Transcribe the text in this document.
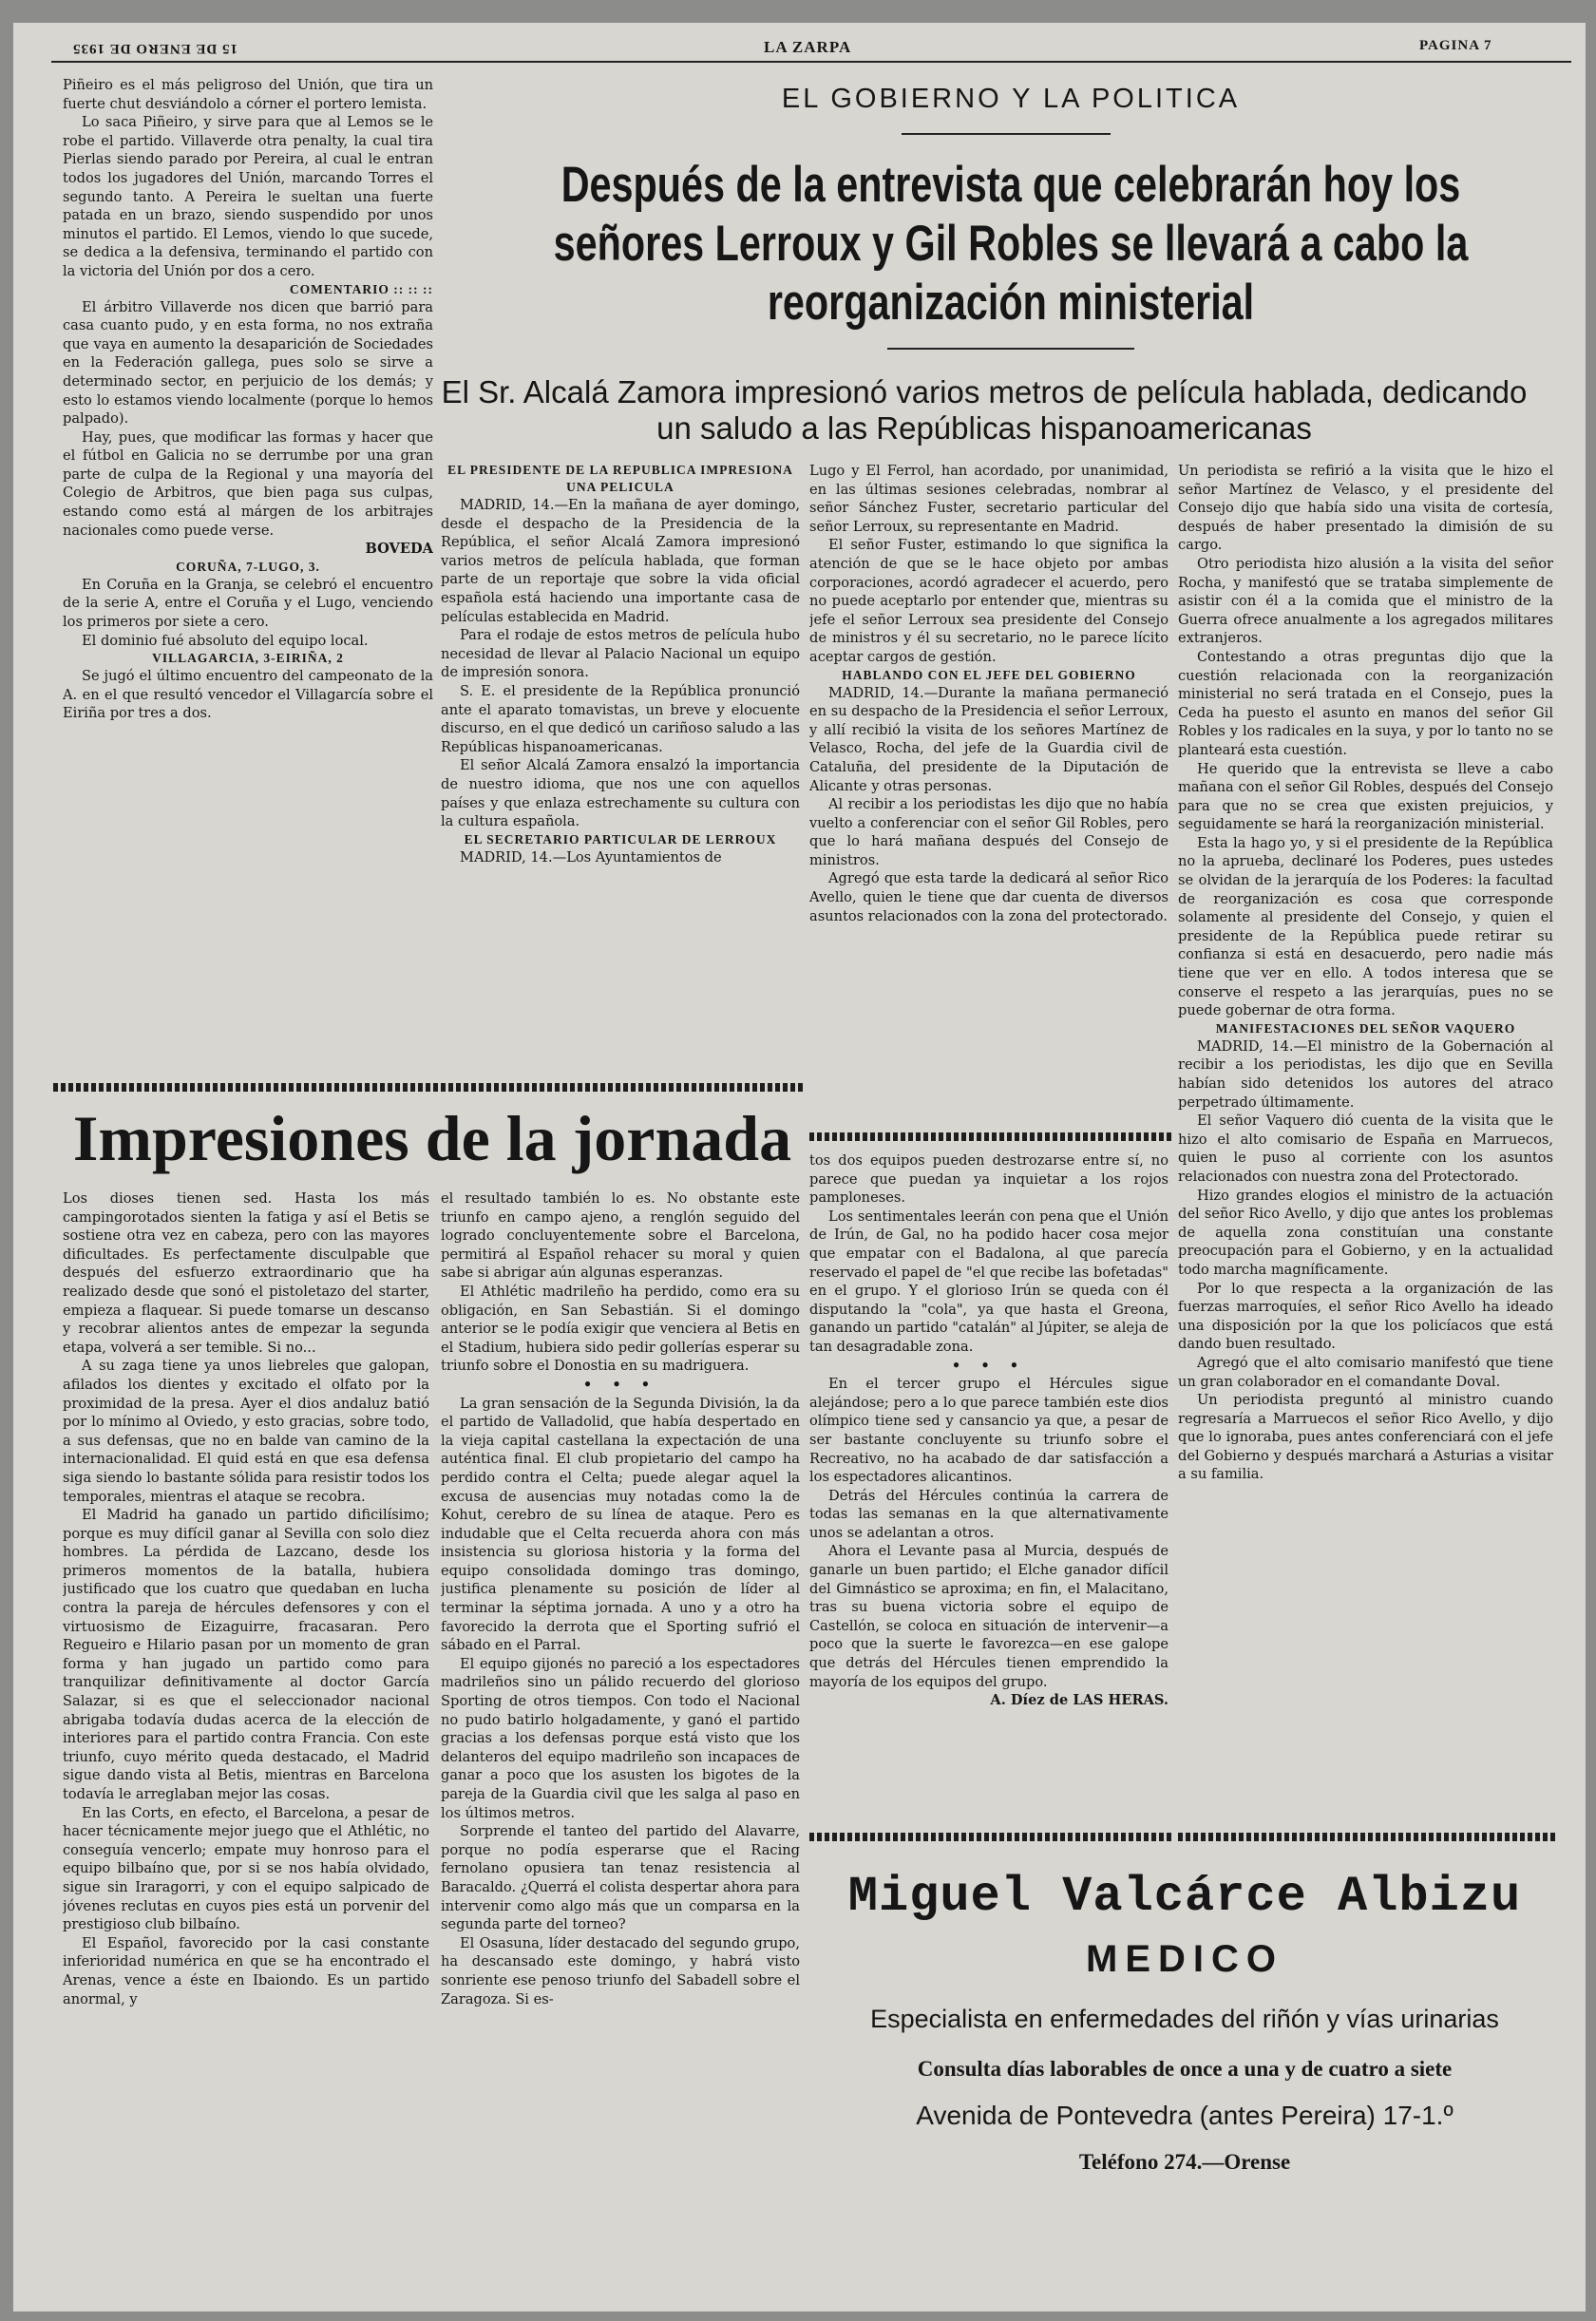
15 DE ENERO DE 1935	LA ZARPA	PAGINA 7
EL GOBIERNO Y LA POLITICA
Después de la entrevista que celebrarán hoy los señores Lerroux y Gil Robles se llevará a cabo la reorganización ministerial
El Sr. Alcalá Zamora impresionó varios metros de película hablada, dedicando un saludo a las Repúblicas hispanoamericanas

Piñeiro es el más peligroso del Unión, que tira un fuerte chut desviándolo a córner el portero lemista.

Lo saca Piñeiro, y sirve para que al Lemos se le robe el partido. Villaverde otra penalty, la cual tira Pierlas siendo parado por Pereira, al cual le entran todos los jugadores del Unión, marcando Torres el segundo tanto. A Pereira le sueltan una fuerte patada en un brazo, siendo suspendido por unos minutos el partido. El Lemos, viendo lo que sucede, se dedica a la defensiva, terminando el partido con la victoria del Unión por dos a cero.

COMENTARIO :: :: ::

El árbitro Villaverde nos dicen que barrió para casa cuanto pudo, y en esta forma, no nos extraña que vaya en aumento la desaparición de Sociedades en la Federación gallega, pues solo se sirve a determinado sector, en perjuicio de los demás; y esto lo estamos viendo localmente (porque lo hemos palpado).

Hay, pues, que modificar las formas y hacer que el fútbol en Galicia no se derrumbe por una gran parte de culpa de la Regional y una mayoría del Colegio de Arbitros, que bien paga sus culpas, estando como está al márgen de los arbitrajes nacionales como puede verse.

BOVEDA

CORUÑA, 7-LUGO, 3.

En Coruña en la Granja, se celebró el encuentro de la serie A, entre el Coruña y el Lugo, venciendo los primeros por siete a cero.

El dominio fué absoluto del equipo local.

VILLAGARCIA, 3-EIRIÑA, 2

Se jugó el último encuentro del campeonato de la A. en el que resultó vencedor el Villagarcía sobre el Eiriña por tres a dos.

EL PRESIDENTE DE LA REPUBLICA IMPRESIONA UNA PELICULA

MADRID, 14.—En la mañana de ayer domingo, desde el despacho de la Presidencia de la República, el señor Alcalá Zamora impresionó varios metros de película hablada, que forman parte de un reportaje que sobre la vida oficial española está haciendo una importante casa de películas establecida en Madrid.

Para el rodaje de estos metros de película hubo necesidad de llevar al Palacio Nacional un equipo de impresión sonora.

S. E. el presidente de la República pronunció ante el aparato tomavistas, un breve y elocuente discurso, en el que dedicó un cariñoso saludo a las Repúblicas hispanoamericanas.

El señor Alcalá Zamora ensalzó la importancia de nuestro idioma, que nos une con aquellos países y que enlaza estrechamente su cultura con la cultura española.

EL SECRETARIO PARTICULAR DE LERROUX

MADRID, 14.—Los Ayuntamientos de

Lugo y El Ferrol, han acordado, por unanimidad, en las últimas sesiones celebradas, nombrar al señor Sánchez Fuster, secretario particular del señor Lerroux, su representante en Madrid.

El señor Fuster, estimando lo que significa la atención de que se le hace objeto por ambas corporaciones, acordó agradecer el acuerdo, pero no puede aceptarlo por entender que, mientras su jefe el señor Lerroux sea presidente del Consejo de ministros y él su secretario, no le parece lícito aceptar cargos de gestión.

HABLANDO CON EL JEFE DEL GOBIERNO

MADRID, 14.—Durante la mañana permaneció en su despacho de la Presidencia el señor Lerroux, y allí recibió la visita de los señores Martínez de Velasco, Rocha, del jefe de la Guardia civil de Cataluña, del presidente de la Diputación de Alicante y otras personas.

Al recibir a los periodistas les dijo que no había vuelto a conferenciar con el señor Gil Robles, pero que lo hará mañana después del Consejo de ministros.

Agregó que esta tarde la dedicará al señor Rico Avello, quien le tiene que dar cuenta de diversos asuntos relacionados con la zona del protectorado.

Un periodista se refirió a la visita que le hizo el señor Martínez de Velasco, y el presidente del Consejo dijo que había sido una visita de cortesía, después de haber presentado la dimisión de su cargo.

Otro periodista hizo alusión a la visita del señor Rocha, y manifestó que se trataba simplemente de asistir con él a la comida que el ministro de la Guerra ofrece anualmente a los agregados militares extranjeros.

Contestando a otras preguntas dijo que la cuestión relacionada con la reorganización ministerial no será tratada en el Consejo, pues la Ceda ha puesto el asunto en manos del señor Gil Robles y los radicales en la suya, y por lo tanto no se planteará esta cuestión.

He querido que la entrevista se lleve a cabo mañana con el señor Gil Robles, después del Consejo para que no se crea que existen prejuicios, y seguidamente se hará la reorganización ministerial.

Esta la hago yo, y si el presidente de la República no la aprueba, declinaré los Poderes, pues ustedes se olvidan de la jerarquía de los Poderes: la facultad de reorganización es cosa que corresponde solamente al presidente del Consejo, y quien el presidente de la República puede retirar su confianza si está en desacuerdo, pero nadie más tiene que ver en ello. A todos interesa que se conserve el respeto a las jerarquías, pues no se puede gobernar de otra forma.

MANIFESTACIONES DEL SEÑOR VAQUERO

MADRID, 14.—El ministro de la Gobernación al recibir a los periodistas, les dijo que en Sevilla habían sido detenidos los autores del atraco perpetrado últimamente.

El señor Vaquero dió cuenta de la visita que le hizo el alto comisario de España en Marruecos, quien le puso al corriente con los asuntos relacionados con nuestra zona del Protectorado.

Hizo grandes elogios el ministro de la actuación del señor Rico Avello, y dijo que antes los problemas de aquella zona constituían una constante preocupación para el Gobierno, y en la actualidad todo marcha magníficamente.

Por lo que respecta a la organización de las fuerzas marroquíes, el señor Rico Avello ha ideado una disposición por la que los policíacos que está dando buen resultado.

Agregó que el alto comisario manifestó que tiene un gran colaborador en el comandante Doval.

Un periodista preguntó al ministro cuando regresaría a Marruecos el señor Rico Avello, y dijo que lo ignoraba, pues antes conferenciará con el jefe del Gobierno y después marchará a Asturias a visitar a su familia.

Impresiones de la jornada

Los dioses tienen sed. Hasta los más campingorotados sienten la fatiga y así el Betis se sostiene otra vez en cabeza, pero con las mayores dificultades. Es perfectamente disculpable que después del esfuerzo extraordinario que ha realizado desde que sonó el pistoletazo del starter, empieza a flaquear. Si puede tomarse un descanso y recobrar alientos antes de empezar la segunda etapa, volverá a ser temible. Si no...

A su zaga tiene ya unos liebreles que galopan, afilados los dientes y excitado el olfato por la proximidad de la presa. Ayer el dios andaluz batió por lo mínimo al Oviedo, y esto gracias, sobre todo, a sus defensas, que no en balde van camino de la internacionalidad. El quid está en que esa defensa siga siendo lo bastante sólida para resistir todos los temporales, mientras el ataque se recobra.

El Madrid ha ganado un partido dificilísimo; porque es muy difícil ganar al Sevilla con solo diez hombres. La pérdida de Lazcano, desde los primeros momentos de la batalla, hubiera justificado que los cuatro que quedaban en lucha contra la pareja de hércules defensores y con el virtuosismo de Eizaguirre, fracasaran. Pero Regueiro e Hilario pasan por un momento de gran forma y han jugado un partido como para tranquilizar definitivamente al doctor García Salazar, si es que el seleccionador nacional abrigaba todavía dudas acerca de la elección de interiores para el partido contra Francia. Con este triunfo, cuyo mérito queda destacado, el Madrid sigue dando vista al Betis, mientras en Barcelona todavía le arreglaban mejor las cosas.

En las Corts, en efecto, el Barcelona, a pesar de hacer técnicamente mejor juego que el Athlétic, no conseguía vencerlo; empate muy honroso para el equipo bilbaíno que, por si se nos había olvidado, sigue sin Iraragorri, y con el equipo salpicado de jóvenes reclutas en cuyos pies está un porvenir del prestigioso club bilbaíno.

El Español, favorecido por la casi constante inferioridad numérica en que se ha encontrado el Arenas, vence a éste en Ibaiondo. Es un partido anormal, y

el resultado también lo es. No obstante este triunfo en campo ajeno, a renglón seguido del logrado concluyentemente sobre el Barcelona, permitirá al Español rehacer su moral y quien sabe si abrigar aún algunas esperanzas.

El Athlétic madrileño ha perdido, como era su obligación, en San Sebastián. Si el domingo anterior se le podía exigir que venciera al Betis en el Stadium, hubiera sido pedir gollerías esperar su triunfo sobre el Donostia en su madriguera.

• • •

La gran sensación de la Segunda División, la da el partido de Valladolid, que había despertado en la vieja capital castellana la expectación de una auténtica final. El club propietario del campo ha perdido contra el Celta; puede alegar aquel la excusa de ausencias muy notadas como la de Kohut, cerebro de su línea de ataque. Pero es indudable que el Celta recuerda ahora con más insistencia su gloriosa historia y la forma del equipo consolidada domingo tras domingo, justifica plenamente su posición de líder al terminar la séptima jornada. A uno y a otro ha favorecido la derrota que el Sporting sufrió el sábado en el Parral.

El equipo gijonés no pareció a los espectadores madrileños sino un pálido recuerdo del glorioso Sporting de otros tiempos. Con todo el Nacional no pudo batirlo holgadamente, y ganó el partido gracias a los defensas porque está visto que los delanteros del equipo madrileño son incapaces de ganar a poco que los asusten los bigotes de la pareja de la Guardia civil que les salga al paso en los últimos metros.

Sorprende el tanteo del partido del Alavarre, porque no podía esperarse que el Racing fernolano opusiera tan tenaz resistencia al Baracaldo. ¿Querrá el colista despertar ahora para intervenir como algo más que un comparsa en la segunda parte del torneo?

El Osasuna, líder destacado del segundo grupo, ha descansado este domingo, y habrá visto sonriente ese penoso triunfo del Sabadell sobre el Zaragoza. Si es-

tos dos equipos pueden destrozarse entre sí, no parece que puedan ya inquietar a los rojos pamploneses.

Los sentimentales leerán con pena que el Unión de Irún, de Gal, no ha podido hacer cosa mejor que empatar con el Badalona, al que parecía reservado el papel de "el que recibe las bofetadas" en el grupo. Y el glorioso Irún se queda con él disputando la "cola", ya que hasta el Greona, ganando un partido "catalán" al Júpiter, se aleja de tan desagradable zona.

• • •

En el tercer grupo el Hércules sigue alejándose; pero a lo que parece también este dios olímpico tiene sed y cansancio ya que, a pesar de ser bastante concluyente su triunfo sobre el Recreativo, no ha acabado de dar satisfacción a los espectadores alicantinos.

Detrás del Hércules continúa la carrera de todas las semanas en la que alternativamente unos se adelantan a otros.

Ahora el Levante pasa al Murcia, después de ganarle un buen partido; el Elche ganador difícil del Gimnástico se aproxima; en fin, el Malacitano, tras su buena victoria sobre el equipo de Castellón, se coloca en situación de intervenir—a poco que la suerte le favorezca—en ese galope que detrás del Hércules tienen emprendido la mayoría de los equipos del grupo.

A. Díez de LAS HERAS.

Miguel Valcárce Albizu
MEDICO
Especialista en enfermedades del riñón y vías urinarias
Consulta días laborables de once a una y de cuatro a siete
Avenida de Pontevedra (antes Pereira) 17-1.º
Teléfono 274.—Orense
